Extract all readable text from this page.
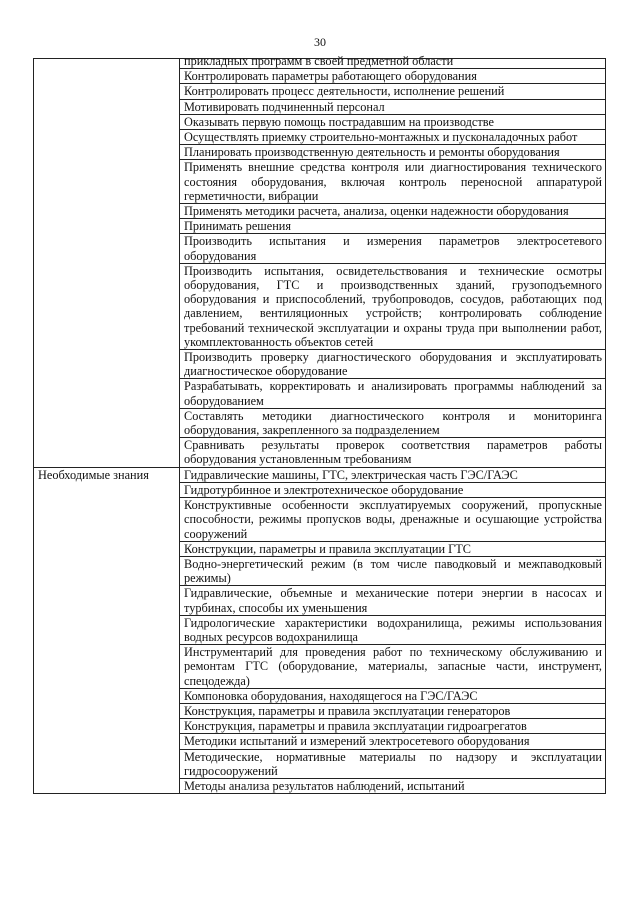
30

	прикладных программ в своей предметной области

	Контролировать параметры работающего оборудования

	Контролировать процесс деятельности, исполнение решений

	Мотивировать подчиненный персонал

	Оказывать первую помощь пострадавшим на производстве

	Осуществлять приемку строительно-монтажных и пусконаладочных работ

	Планировать производственную деятельность и ремонты оборудования

	Применять внешние средства контроля или диагностирования технического состояния оборудования, включая контроль переносной аппаратурой герметичности, вибрации

	Применять методики расчета, анализа, оценки надежности оборудования

	Принимать решения

	Производить испытания и измерения параметров электросетевого оборудования

	Производить испытания, освидетельствования и технические осмотры оборудования, ГТС и производственных зданий, грузоподъемного оборудования и приспособлений, трубопроводов, сосудов, работающих под давлением, вентиляционных устройств; контролировать соблюдение требований технической эксплуатации и охраны труда при выполнении работ, укомплектованность объектов сетей

	Производить проверку диагностического оборудования и эксплуатировать диагностическое оборудование

	Разрабатывать, корректировать и анализировать программы наблюдений за оборудованием

	Составлять методики диагностического контроля и мониторинга оборудования, закрепленного за подразделением

	Сравнивать результаты проверок соответствия параметров работы оборудования установленным требованиям

Необходимые знания	Гидравлические машины, ГТС, электрическая часть ГЭС/ГАЭС

	Гидротурбинное и электротехническое оборудование

	Конструктивные особенности эксплуатируемых сооружений, пропускные способности, режимы пропусков воды, дренажные и осушающие устройства сооружений

	Конструкции, параметры и правила эксплуатации ГТС

	Водно-энергетический режим (в том числе паводковый и межпаводковый режимы)

	Гидравлические, объемные и механические потери энергии в насосах и турбинах, способы их уменьшения

	Гидрологические характеристики водохранилища, режимы использования водных ресурсов водохранилища

	Инструментарий для проведения работ по техническому обслуживанию и ремонтам ГТС (оборудование, материалы, запасные части, инструмент, спецодежда)

	Компоновка оборудования, находящегося на ГЭС/ГАЭС

	Конструкция, параметры и правила эксплуатации генераторов

	Конструкция, параметры и правила эксплуатации гидроагрегатов

	Методики испытаний и измерений электросетевого оборудования

	Методические, нормативные материалы по надзору и эксплуатации гидросооружений

	Методы анализа результатов наблюдений, испытаний
